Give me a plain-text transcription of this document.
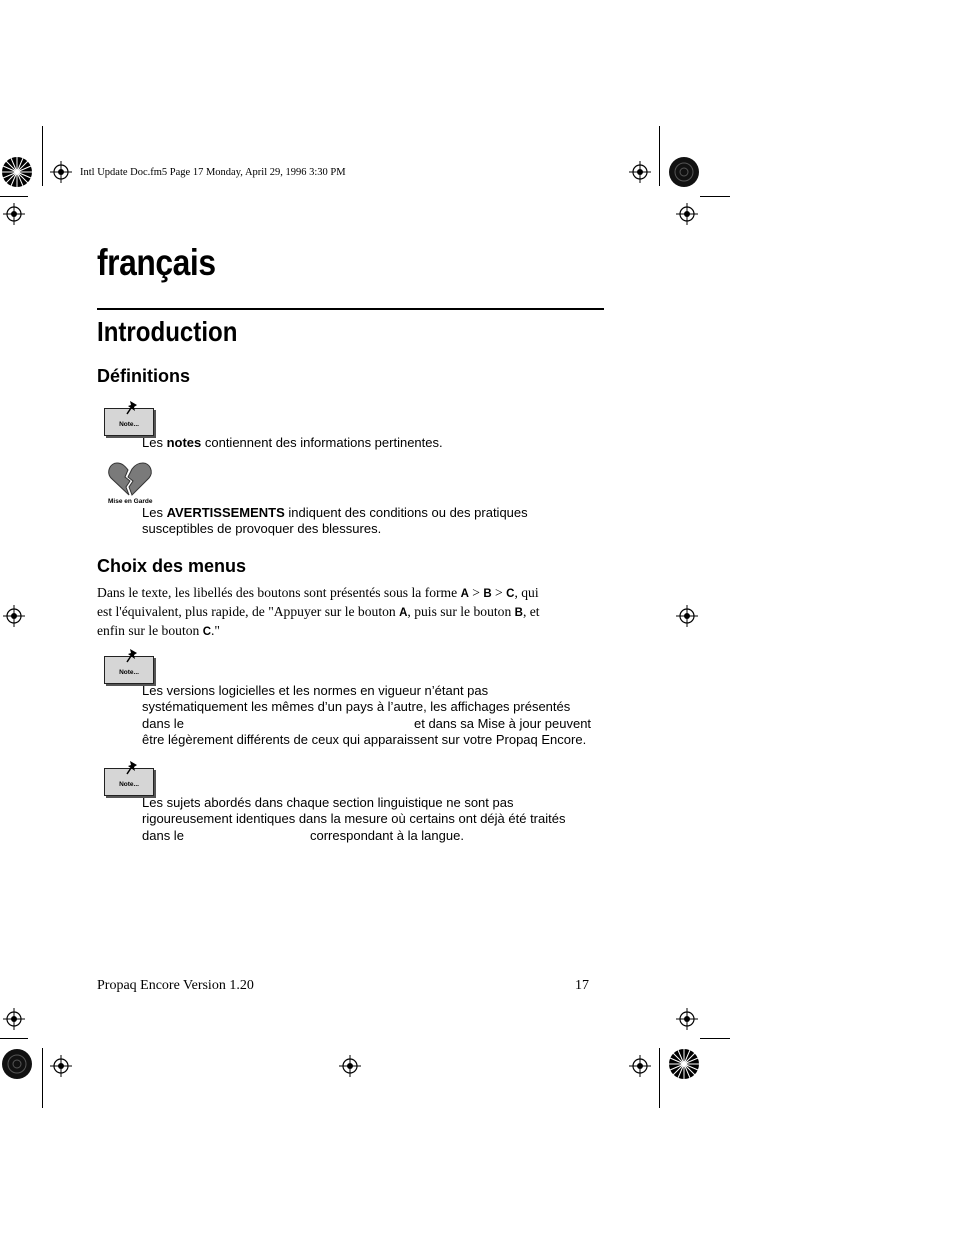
Intl Update Doc.fm5 Page 17 Monday, April 29, 1996 3:30 PM
français
Introduction
Définitions
Note...
Les notes contiennent des informations pertinentes.
Mise en Garde
Les AVERTISSEMENTS indiquent des conditions ou des pratiques
susceptibles de provoquer des blessures.
Choix des menus
Dans le texte, les libellés des boutons sont présentés sous la forme A > B > C, qui
est l'équivalent, plus rapide, de "Appuyer sur le bouton A, puis sur le bouton B, et
enfin sur le bouton C."
Note...
Les versions logicielles et les normes en vigueur n’étant pas
systématiquement les mêmes d’un pays à l’autre, les affichages présentés
dans le	et dans sa Mise à jour peuvent
être légèrement différents de ceux qui apparaissent sur votre Propaq Encore.
Note...
Les sujets abordés dans chaque section linguistique ne sont pas
rigoureusement identiques dans la mesure où certains ont déjà été traités
dans le	correspondant à la langue.
Propaq Encore Version 1.20	17
